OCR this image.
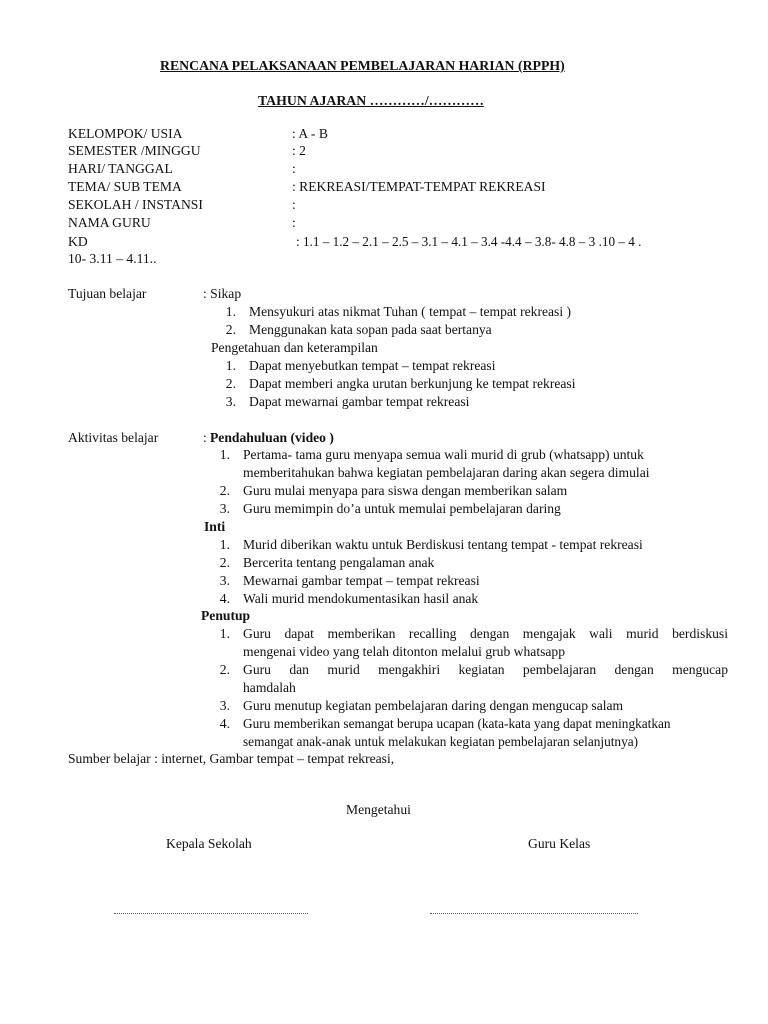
RENCANA PELAKSANAAN PEMBELAJARAN HARIAN (RPPH)
TAHUN AJARAN …………/…………
KELOMPOK/ USIA	: A - B
SEMESTER /MINGGU	: 2
HARI/ TANGGAL	:
TEMA/ SUB TEMA	: REKREASI/TEMPAT-TEMPAT REKREASI
SEKOLAH / INSTANSI	:
NAMA GURU	:
KD	: 1.1 – 1.2 – 2.1 – 2.5 – 3.1 – 4.1 – 3.4 -4.4 – 3.8- 4.8 – 3 .10 – 4 .
10- 3.11 – 4.11..
Tujuan belajar	: Sikap
1. Mensyukuri atas nikmat Tuhan ( tempat – tempat rekreasi )
2. Menggunakan kata sopan pada saat bertanya
Pengetahuan dan keterampilan
1. Dapat menyebutkan tempat – tempat rekreasi
2. Dapat memberi angka urutan berkunjung ke tempat rekreasi
3. Dapat mewarnai gambar tempat rekreasi
Aktivitas belajar	: Pendahuluan (video )
1. Pertama- tama guru menyapa semua wali murid di grub (whatsapp) untuk
memberitahukan bahwa kegiatan pembelajaran daring akan segera dimulai
2. Guru mulai menyapa para siswa dengan memberikan salam
3. Guru memimpin do’a untuk memulai pembelajaran daring
Inti
1. Murid diberikan waktu untuk Berdiskusi tentang tempat - tempat rekreasi
2. Bercerita tentang pengalaman anak
3. Mewarnai gambar tempat – tempat rekreasi
4. Wali murid mendokumentasikan hasil anak
Penutup
1. Guru dapat memberikan recalling dengan mengajak wali murid berdiskusi
mengenai video yang telah ditonton melalui grub whatsapp
2. Guru dan murid mengakhiri kegiatan pembelajaran dengan mengucap
hamdalah
3. Guru menutup kegiatan pembelajaran daring dengan mengucap salam
4. Guru memberikan semangat berupa ucapan (kata-kata yang dapat meningkatkan
semangat anak-anak untuk melakukan kegiatan pembelajaran selanjutnya)
Sumber belajar : internet, Gambar tempat – tempat rekreasi,
Mengetahui
Kepala Sekolah	Guru Kelas
